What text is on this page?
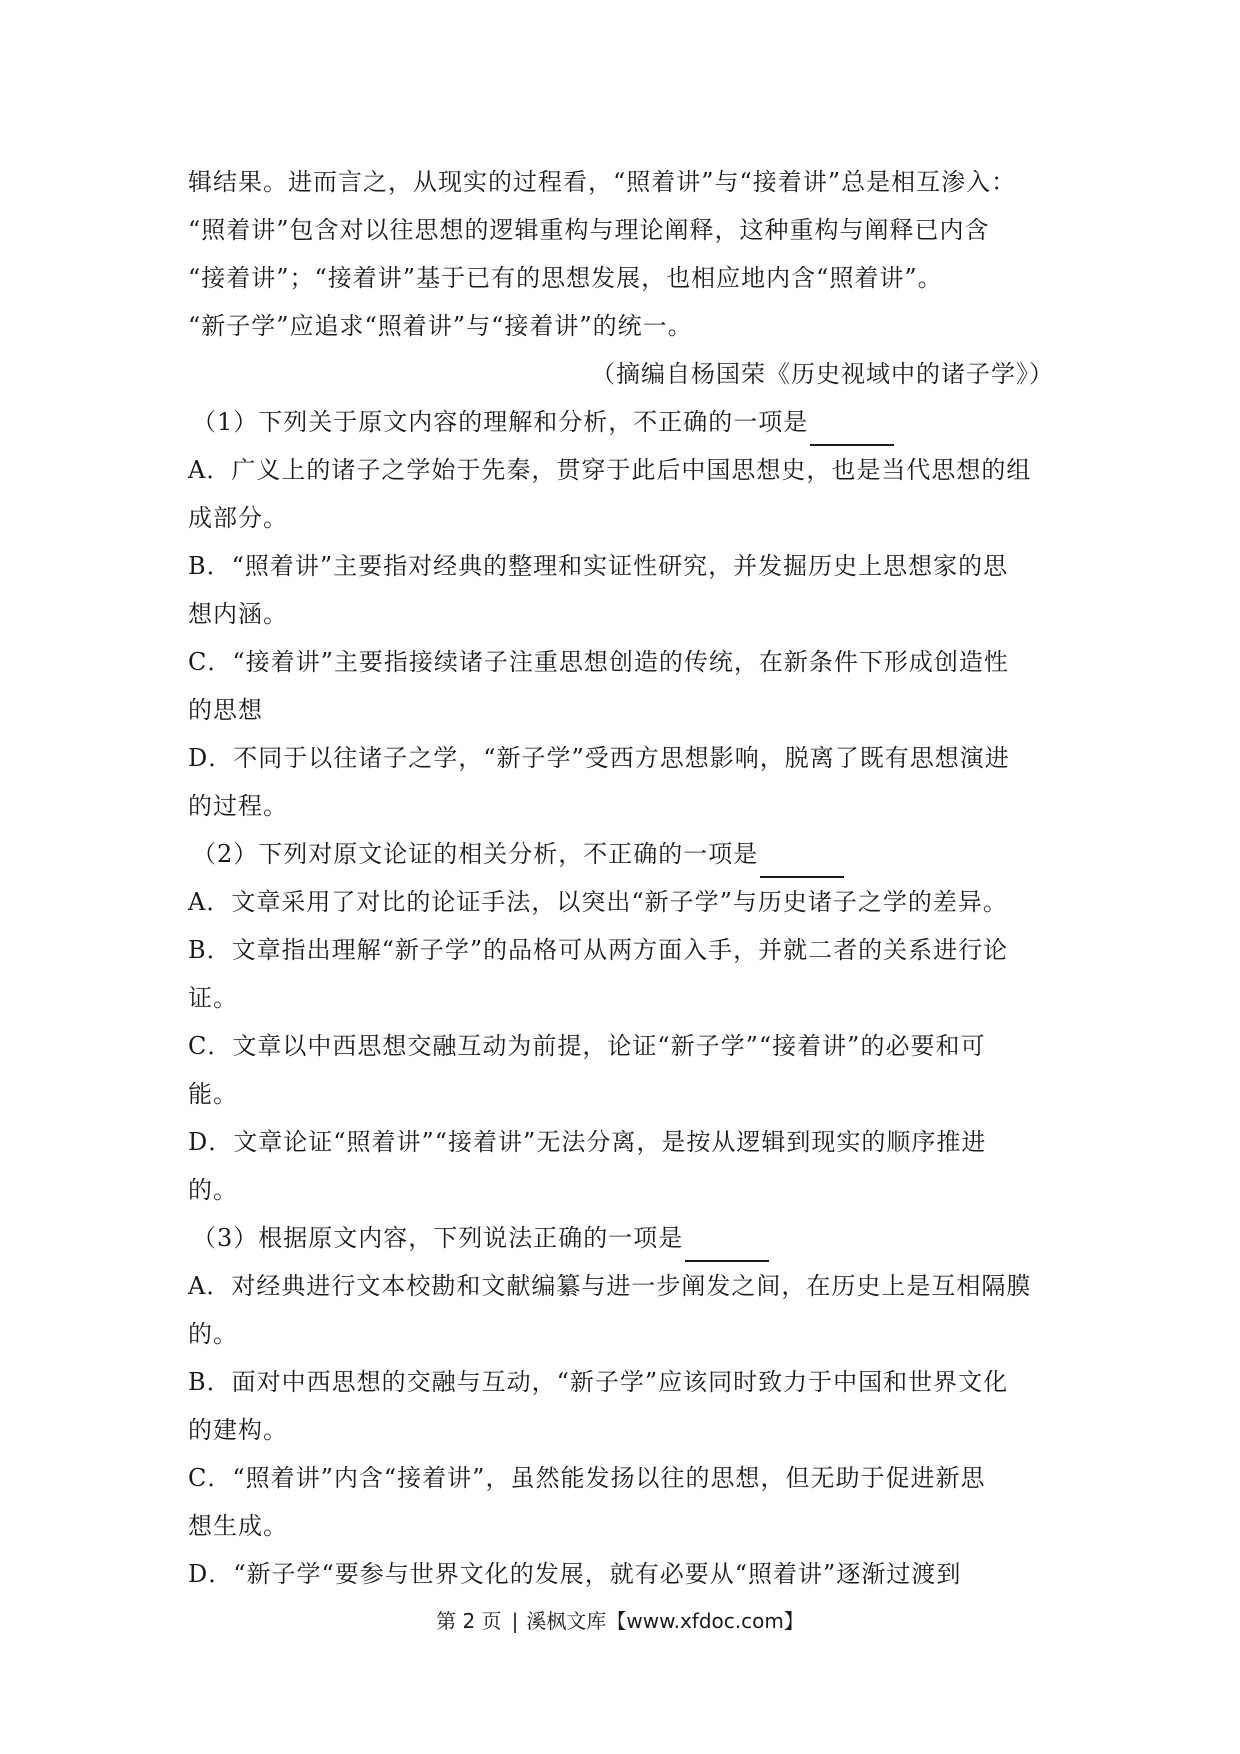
辑结果。进而言之，从现实的过程看，“照着讲”与“接着讲”总是相互渗入：
“照着讲”包含对以往思想的逻辑重构与理论阐释，这种重构与阐释已内含
“接着讲”；“接着讲”基于已有的思想发展，也相应地内含“照着讲”。
“新子学”应追求“照着讲”与“接着讲”的统一。
（摘编自杨国荣《历史视域中的诸子学》）
（1）下列关于原文内容的理解和分析，不正确的一项是
A．广义上的诸子之学始于先秦，贯穿于此后中国思想史，也是当代思想的组
成部分。
B．“照着讲”主要指对经典的整理和实证性研究，并发掘历史上思想家的思
想内涵。
C．“接着讲”主要指接续诸子注重思想创造的传统，在新条件下形成创造性
的思想
D．不同于以往诸子之学，“新子学”受西方思想影响，脱离了既有思想演进
的过程。
（2）下列对原文论证的相关分析，不正确的一项是
A．文章采用了对比的论证手法，以突出“新子学”与历史诸子之学的差异。
B．文章指出理解“新子学”的品格可从两方面入手，并就二者的关系进行论
证。
C．文章以中西思想交融互动为前提，论证“新子学”“接着讲”的必要和可
能。
D．文章论证“照着讲”“接着讲”无法分离，是按从逻辑到现实的顺序推进
的。
（3）根据原文内容，下列说法正确的一项是
A．对经典进行文本校勘和文献编纂与进一步阐发之间，在历史上是互相隔膜
的。
B．面对中西思想的交融与互动，“新子学”应该同时致力于中国和世界文化
的建构。
C．“照着讲”内含“接着讲”，虽然能发扬以往的思想，但无助于促进新思
想生成。
D．“新子学“要参与世界文化的发展，就有必要从“照着讲”逐渐过渡到
第 2 页 | 溪枫文库【www.xfdoc.com】
